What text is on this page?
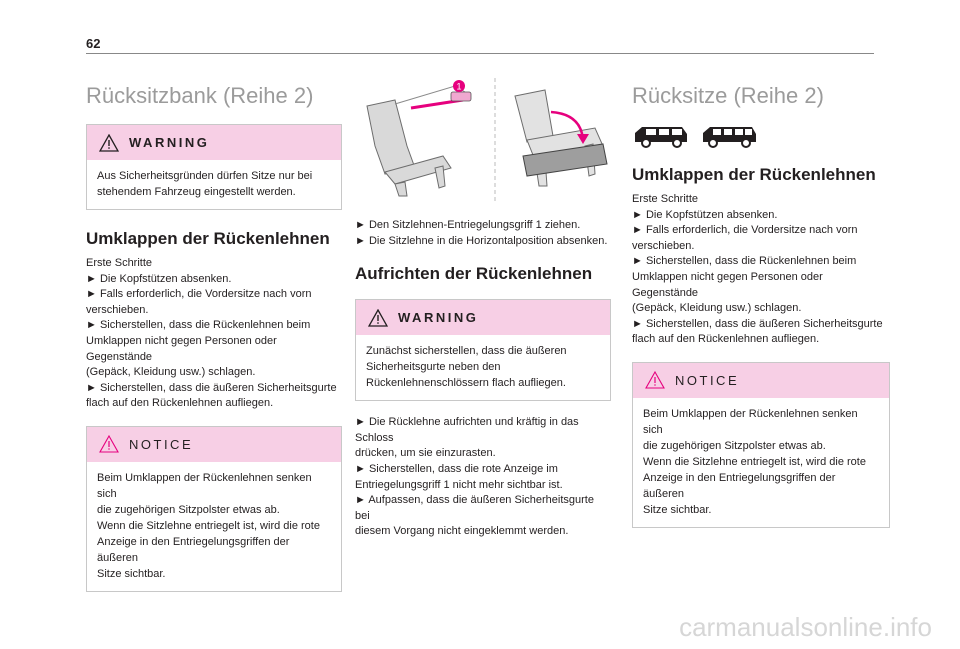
62
Rücksitzbank (Reihe 2)
WARNING
Aus Sicherheitsgründen dürfen Sitze nur bei
stehendem Fahrzeug eingestellt werden.
Umklappen der Rückenlehnen
Erste Schritte
► Die Kopfstützen absenken.
► Falls erforderlich, die Vordersitze nach vorn
verschieben.
► Sicherstellen, dass die Rückenlehnen beim
Umklappen nicht gegen Personen oder Gegenstände
(Gepäck, Kleidung usw.) schlagen.
► Sicherstellen, dass die äußeren Sicherheitsgurte
flach auf den Rückenlehnen aufliegen.
NOTICE
Beim Umklappen der Rückenlehnen senken sich
die zugehörigen Sitzpolster etwas ab.
Wenn die Sitzlehne entriegelt ist, wird die rote
Anzeige in den Entriegelungsgriffen der äußeren
Sitze sichtbar.
1
► Den Sitzlehnen-Entriegelungsgriff 1 ziehen.
► Die Sitzlehne in die Horizontalposition absenken.
Aufrichten der Rückenlehnen
WARNING
Zunächst sicherstellen, dass die äußeren
Sicherheitsgurte neben den
Rückenlehnenschlössern flach aufliegen.
► Die Rücklehne aufrichten und kräftig in das Schloss
drücken, um sie einzurasten.
► Sicherstellen, dass die rote Anzeige im
Entriegelungsgriff 1 nicht mehr sichtbar ist.
► Aufpassen, dass die äußeren Sicherheitsgurte bei
diesem Vorgang nicht eingeklemmt werden.
Rücksitze (Reihe 2)
Umklappen der Rückenlehnen
Erste Schritte
► Die Kopfstützen absenken.
► Falls erforderlich, die Vordersitze nach vorn
verschieben.
► Sicherstellen, dass die Rückenlehnen beim
Umklappen nicht gegen Personen oder Gegenstände
(Gepäck, Kleidung usw.) schlagen.
► Sicherstellen, dass die äußeren Sicherheitsgurte
flach auf den Rückenlehnen aufliegen.
NOTICE
Beim Umklappen der Rückenlehnen senken sich
die zugehörigen Sitzpolster etwas ab.
Wenn die Sitzlehne entriegelt ist, wird die rote
Anzeige in den Entriegelungsgriffen der äußeren
Sitze sichtbar.
carmanualsonline.info
